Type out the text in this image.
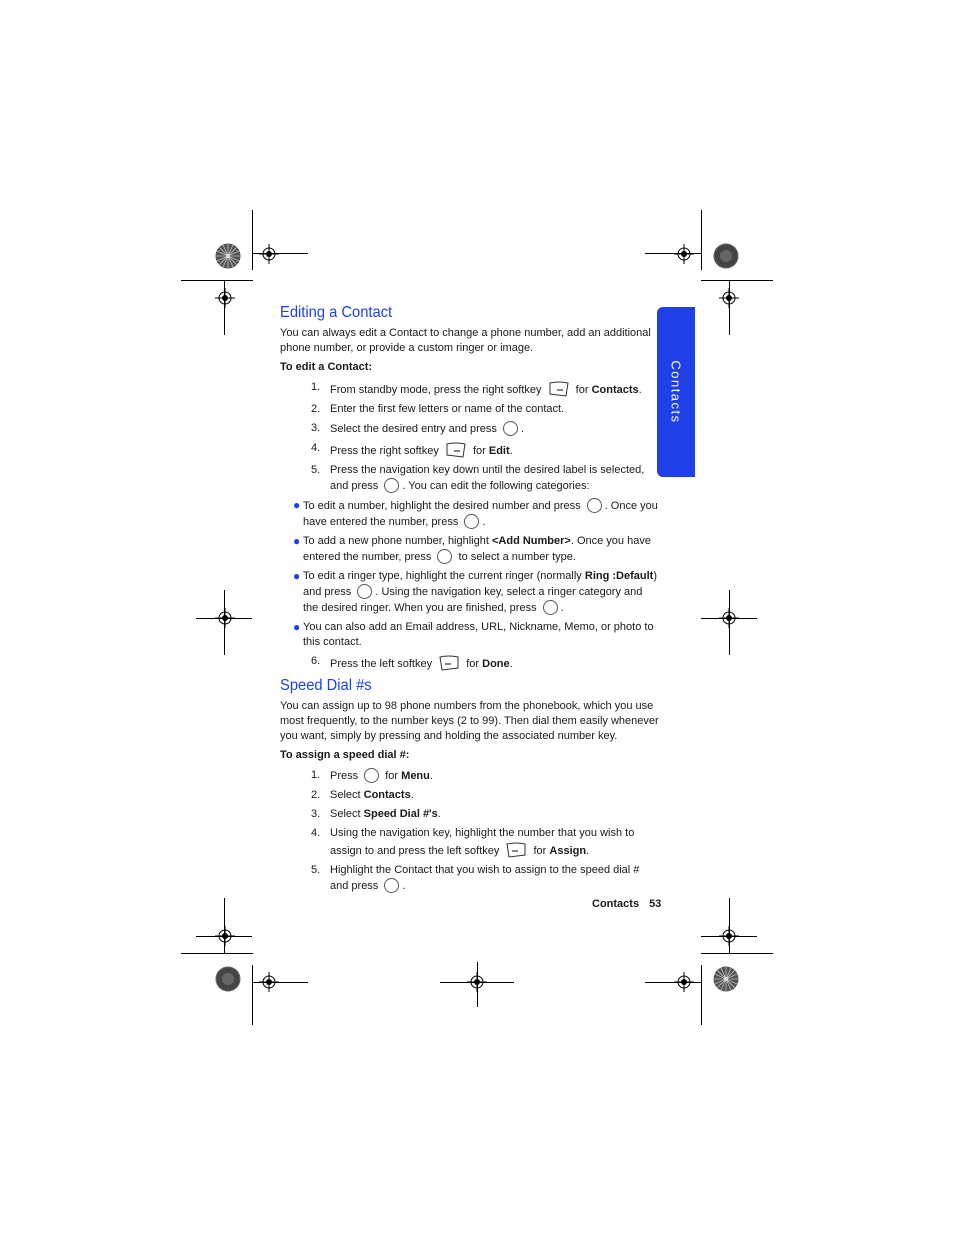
Contacts
Editing a Contact

You can always edit a Contact to change a phone number, add an additional phone number, or provide a custom ringer or image.

To edit a Contact:
1. From standby mode, press the right softkey	for Contacts.
2. Enter the first few letters or name of the contact.
3. Select the desired entry and press .
4. Press the right softkey	for Edit.
5. Press the navigation key down until the desired label is selected, and press . You can edit the following categories:
● To edit a number, highlight the desired number and press . Once you have entered the number, press .
● To add a new phone number, highlight <Add Number>. Once you have entered the number, press to select a number type.
● To edit a ringer type, highlight the current ringer (normally Ring :Default) and press . Using the navigation key, select a ringer category and the desired ringer. When you are finished, press .
● You can also add an Email address, URL, Nickname, Memo, or photo to this contact.
6. Press the left softkey	for Done.
Speed Dial #s

You can assign up to 98 phone numbers from the phonebook, which you use most frequently, to the number keys (2 to 99). Then dial them easily whenever you want, simply by pressing and holding the associated number key.

To assign a speed dial #:
1. Press for Menu.
2. Select Contacts.
3. Select Speed Dial #'s.
4. Using the navigation key, highlight the number that you wish to assign to and press the left softkey	for Assign.
5. Highlight the Contact that you wish to assign to the speed dial # and press .
Contacts 53
